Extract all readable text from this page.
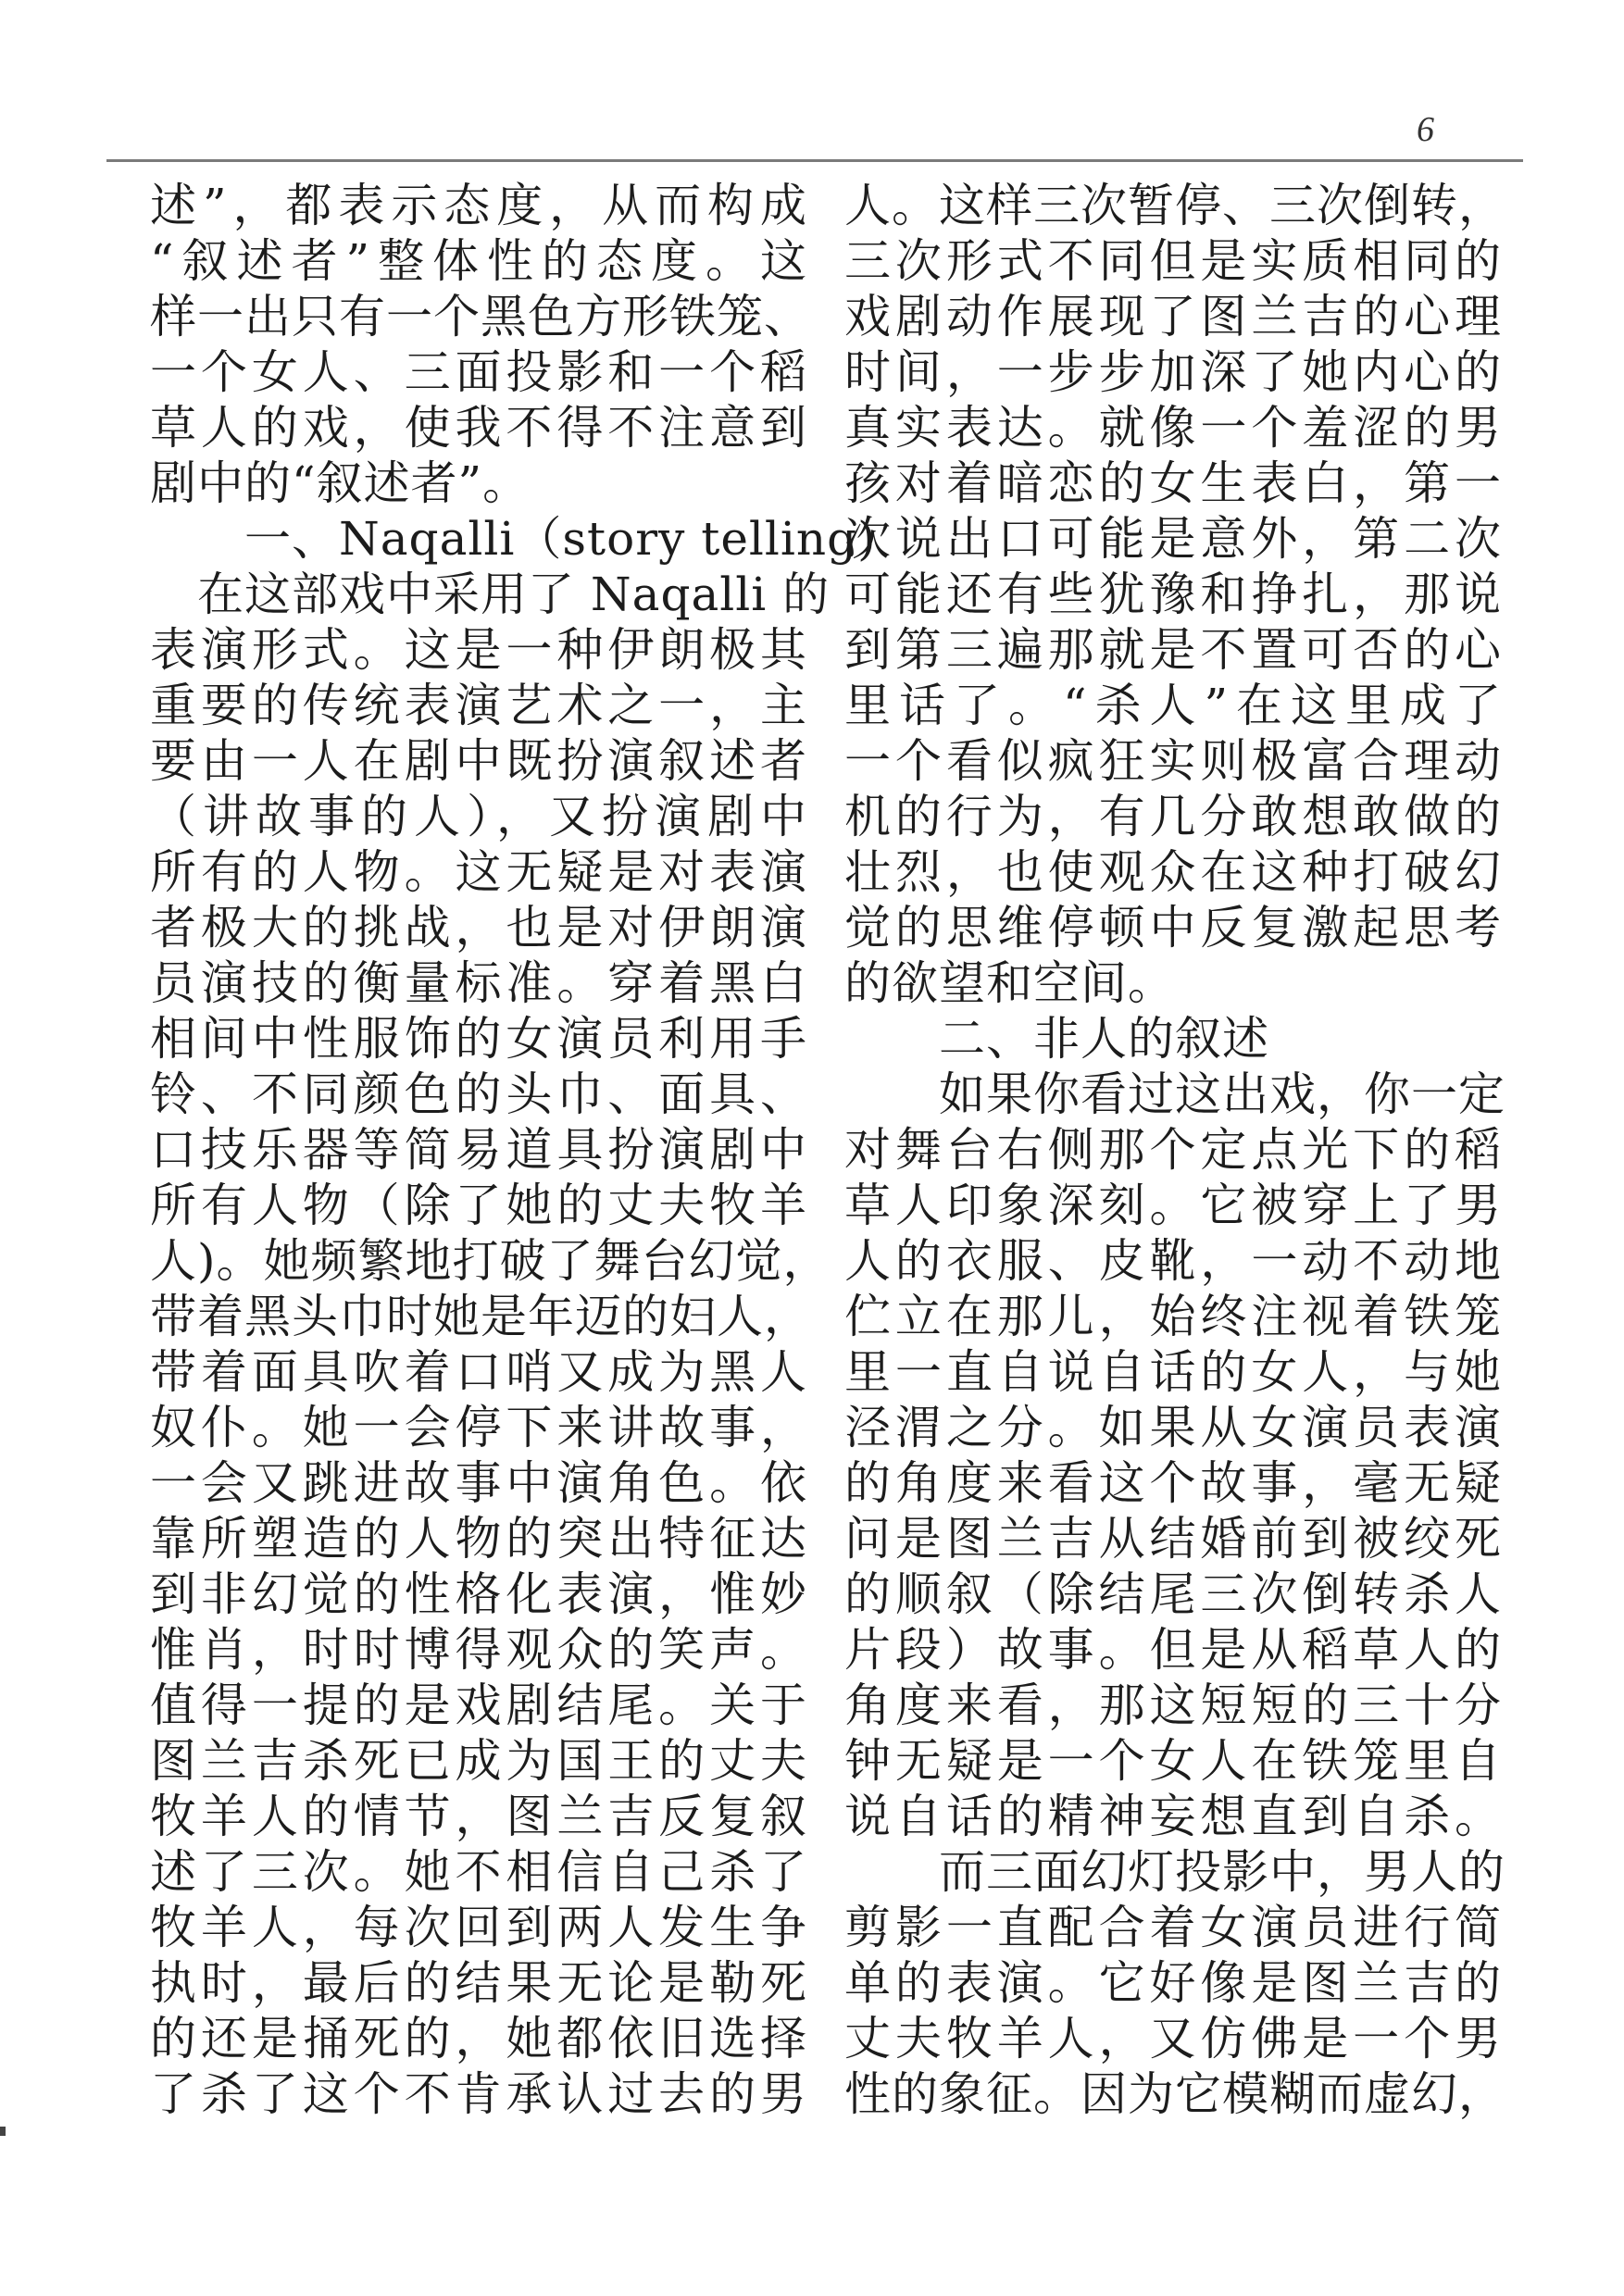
6
述”，都表示态度，从而构成
“叙述者”整体性的态度。这
样一出只有一个黑色方形铁笼、
一个女人、三面投影和一个稻
草人的戏，使我不得不注意到
剧中的“叙述者”。
　　一、Naqalli（story telling)
　在这部戏中采用了 Naqalli 的
表演形式。这是一种伊朗极其
重要的传统表演艺术之一，主
要由一人在剧中既扮演叙述者
（讲故事的人），又扮演剧中
所有的人物。这无疑是对表演
者极大的挑战，也是对伊朗演
员演技的衡量标准。穿着黑白
相间中性服饰的女演员利用手
铃、不同颜色的头巾、面具、
口技乐器等简易道具扮演剧中
所有人物（除了她的丈夫牧羊
人)。她频繁地打破了舞台幻觉，
带着黑头巾时她是年迈的妇人，
带着面具吹着口哨又成为黑人
奴仆。她一会停下来讲故事，
一会又跳进故事中演角色。依
靠所塑造的人物的突出特征达
到非幻觉的性格化表演，惟妙
惟肖，时时博得观众的笑声。
值得一提的是戏剧结尾。关于
图兰吉杀死已成为国王的丈夫
牧羊人的情节，图兰吉反复叙
述了三次。她不相信自己杀了
牧羊人，每次回到两人发生争
执时，最后的结果无论是勒死
的还是捅死的，她都依旧选择
了杀了这个不肯承认过去的男
人。这样三次暂停、三次倒转，
三次形式不同但是实质相同的
戏剧动作展现了图兰吉的心理
时间，一步步加深了她内心的
真实表达。就像一个羞涩的男
孩对着暗恋的女生表白，第一
次说出口可能是意外，第二次
可能还有些犹豫和挣扎，那说
到第三遍那就是不置可否的心
里话了。“杀人”在这里成了
一个看似疯狂实则极富合理动
机的行为，有几分敢想敢做的
壮烈，也使观众在这种打破幻
觉的思维停顿中反复激起思考
的欲望和空间。
　　二、非人的叙述
　　如果你看过这出戏，你一定
对舞台右侧那个定点光下的稻
草人印象深刻。它被穿上了男
人的衣服、皮靴，一动不动地
伫立在那儿，始终注视着铁笼
里一直自说自话的女人，与她
泾渭之分。如果从女演员表演
的角度来看这个故事，毫无疑
问是图兰吉从结婚前到被绞死
的顺叙（除结尾三次倒转杀人
片段）故事。但是从稻草人的
角度来看，那这短短的三十分
钟无疑是一个女人在铁笼里自
说自话的精神妄想直到自杀。
　　而三面幻灯投影中，男人的
剪影一直配合着女演员进行简
单的表演。它好像是图兰吉的
丈夫牧羊人，又仿佛是一个男
性的象征。因为它模糊而虚幻，
